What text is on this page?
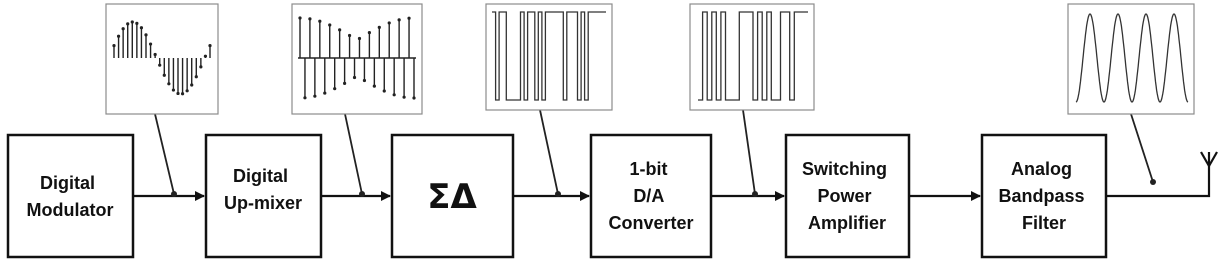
Digital Modulator
Digital Up-mixer	ΣΔ
1-bit D/A Converter
Switching Power Amplifier
Analog Bandpass Filter
